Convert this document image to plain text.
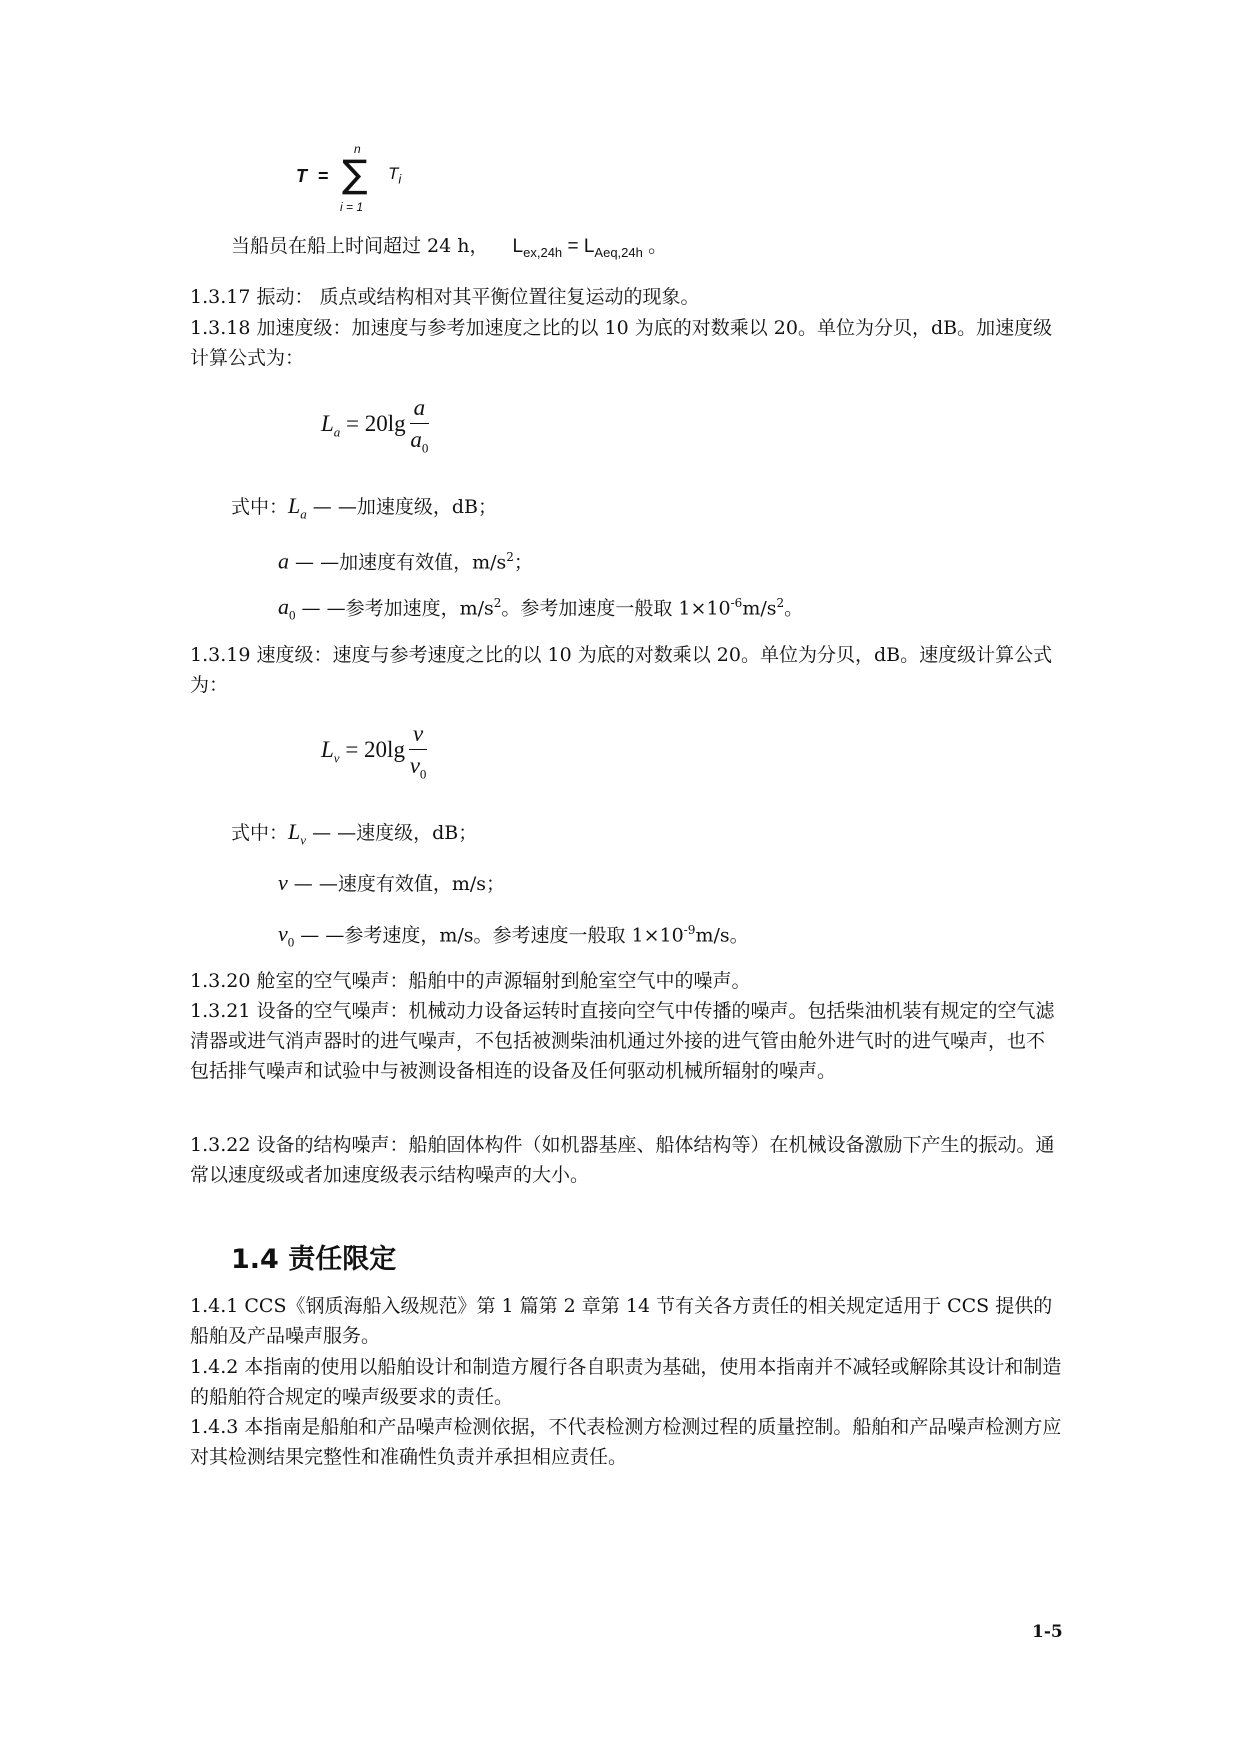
T =
n
∑
i = 1
$T_i$
当船员在船上时间超过 24 h， $L_{ex,24h} = L_{Aeq,24h}$ 。
1.3.17 振动： 质点或结构相对其平衡位置往复运动的现象。
1.3.18 加速度级：加速度与参考加速度之比的以 10 为底的对数乘以 20。单位为分贝，dB。加速度级计算公式为：
$L_a = 20\lg \frac{a}{a_0}$
式中：$L_a$ — —加速度级，dB；
a — —加速度有效值，$m/s^2$；
$a_0$ — —参考加速度，$m/s^2$。参考加速度一般取 $1\times 10^{-6}m/s^2$。
1.3.19 速度级：速度与参考速度之比的以 10 为底的对数乘以 20。单位为分贝，dB。速度级计算公式为：
$L_v = 20\lg \frac{v}{v_0}$
式中：$L_v$ — —速度级，dB；
v — —速度有效值，m/s；
$v_0$ — —参考速度，m/s。参考速度一般取 $1\times 10^{-9}m/s$。
1.3.20 舱室的空气噪声：船舶中的声源辐射到舱室空气中的噪声。
1.3.21 设备的空气噪声：机械动力设备运转时直接向空气中传播的噪声。包括柴油机装有规定的空气滤清器或进气消声器时的进气噪声，不包括被测柴油机通过外接的进气管由舱外进气时的进气噪声，也不包括排气噪声和试验中与被测设备相连的设备及任何驱动机械所辐射的噪声。
1.3.22 设备的结构噪声：船舶固体构件（如机器基座、船体结构等）在机械设备激励下产生的振动。通常以速度级或者加速度级表示结构噪声的大小。
1.4 责任限定
1.4.1 CCS《钢质海船入级规范》第 1 篇第 2 章第 14 节有关各方责任的相关规定适用于 CCS 提供的船舶及产品噪声服务。
1.4.2 本指南的使用以船舶设计和制造方履行各自职责为基础，使用本指南并不减轻或解除其设计和制造的船舶符合规定的噪声级要求的责任。
1.4.3 本指南是船舶和产品噪声检测依据，不代表检测方检测过程的质量控制。船舶和产品噪声检测方应对其检测结果完整性和准确性负责并承担相应责任。
1-5
